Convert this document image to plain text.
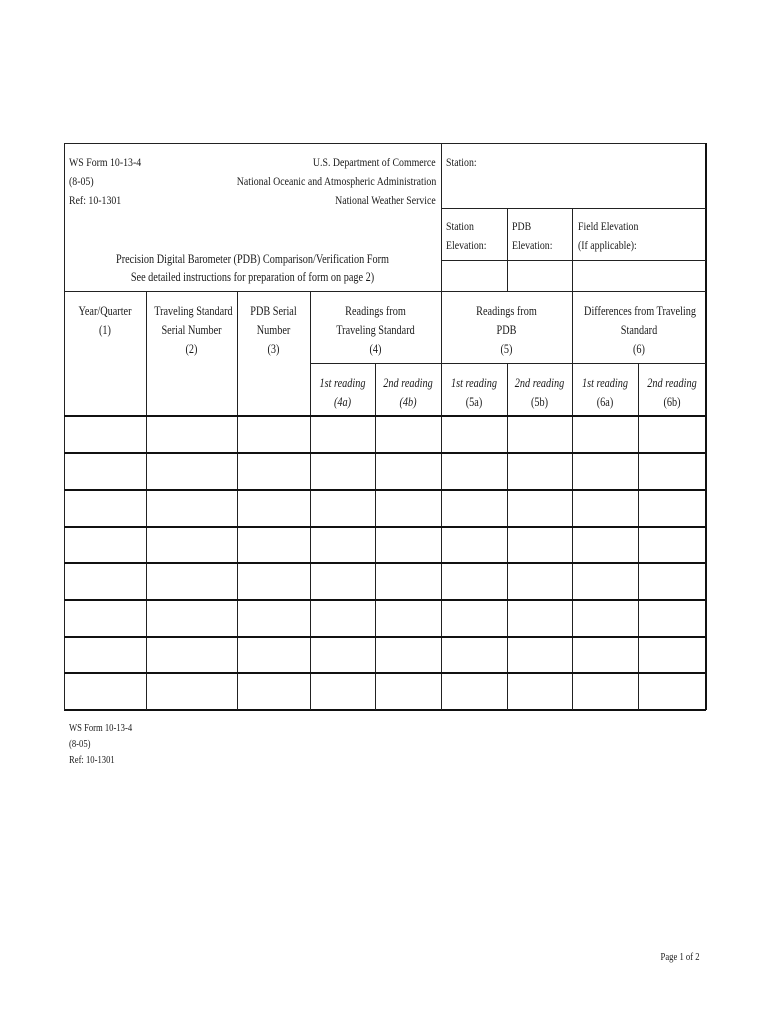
WS Form 10-13-4
(8-05)
Ref: 10-1301
U.S. Department of Commerce
National Oceanic and Atmospheric Administration
National Weather Service
Station:
Station
Elevation:
PDB
Elevation:
Field Elevation
(If applicable):
Precision Digital Barometer (PDB) Comparison/Verification Form
See detailed instructions for preparation of form on page 2)
Year/Quarter
(1)
Traveling Standard
Serial Number
(2)
PDB Serial
Number
(3)
Readings from
Traveling Standard
(4)
Readings from
PDB
(5)
Differences from Traveling
Standard
(6)
1st reading
(4a)
2nd reading
(4b)
1st reading
(5a)
2nd reading
(5b)
1st reading
(6a)
2nd reading
(6b)
WS Form 10-13-4
(8-05)
Ref: 10-1301
Page 1 of 2
